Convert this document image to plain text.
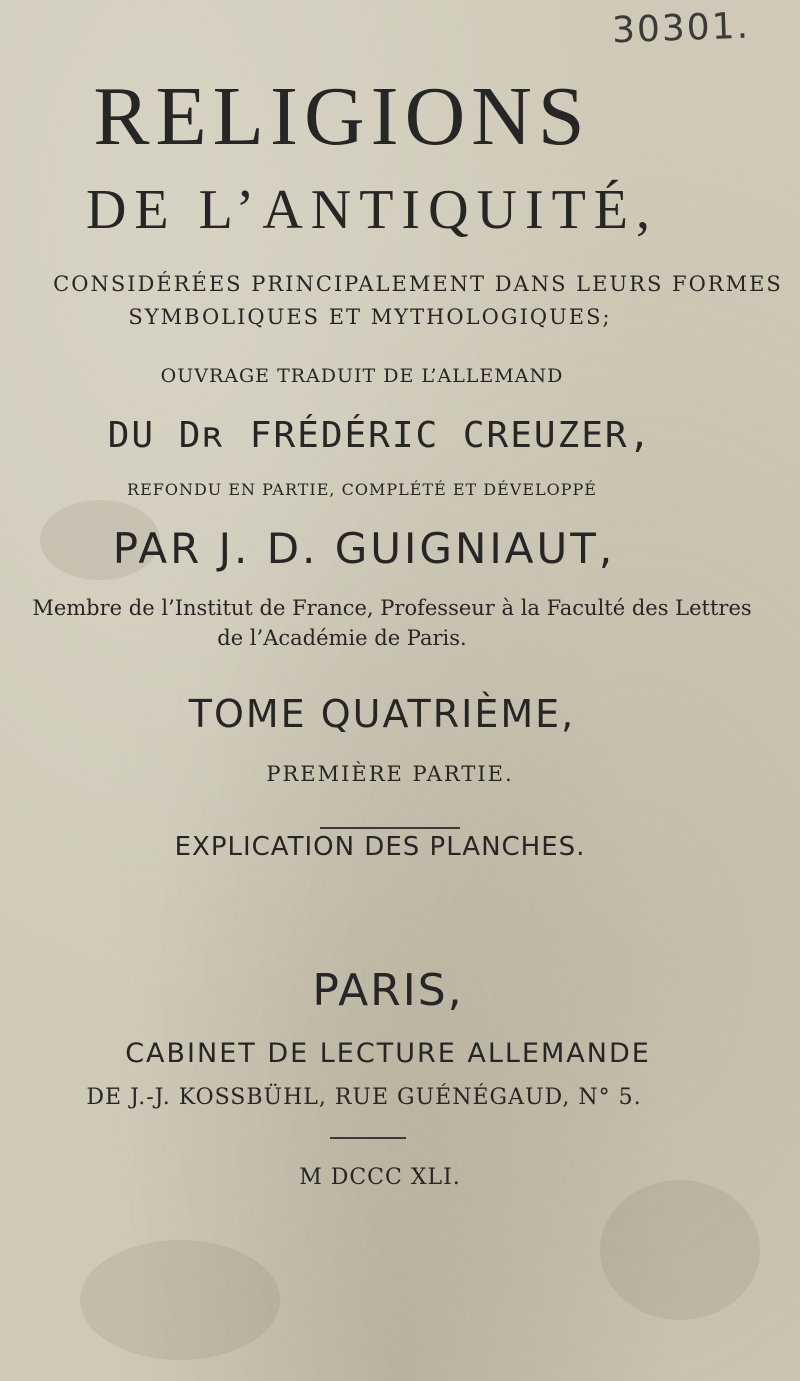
30301.
RELIGIONS
DE L’ANTIQUITÉ,
CONSIDÉRÉES PRINCIPALEMENT DANS LEURS FORMES
SYMBOLIQUES ET MYTHOLOGIQUES;
OUVRAGE TRADUIT DE L’ALLEMAND
DU Dʀ FRÉDÉRIC CREUZER,
REFONDU EN PARTIE, COMPLÉTÉ ET DÉVELOPPÉ
PAR J. D. GUIGNIAUT,
Membre de l’Institut de France, Professeur à la Faculté des Lettres
de l’Académie de Paris.
TOME QUATRIÈME,
PREMIÈRE PARTIE.
EXPLICATION DES PLANCHES.
PARIS,
CABINET DE LECTURE ALLEMANDE
DE J.-J. KOSSBÜHL, RUE GUÉNÉGAUD, N° 5.
M DCCC XLI.
